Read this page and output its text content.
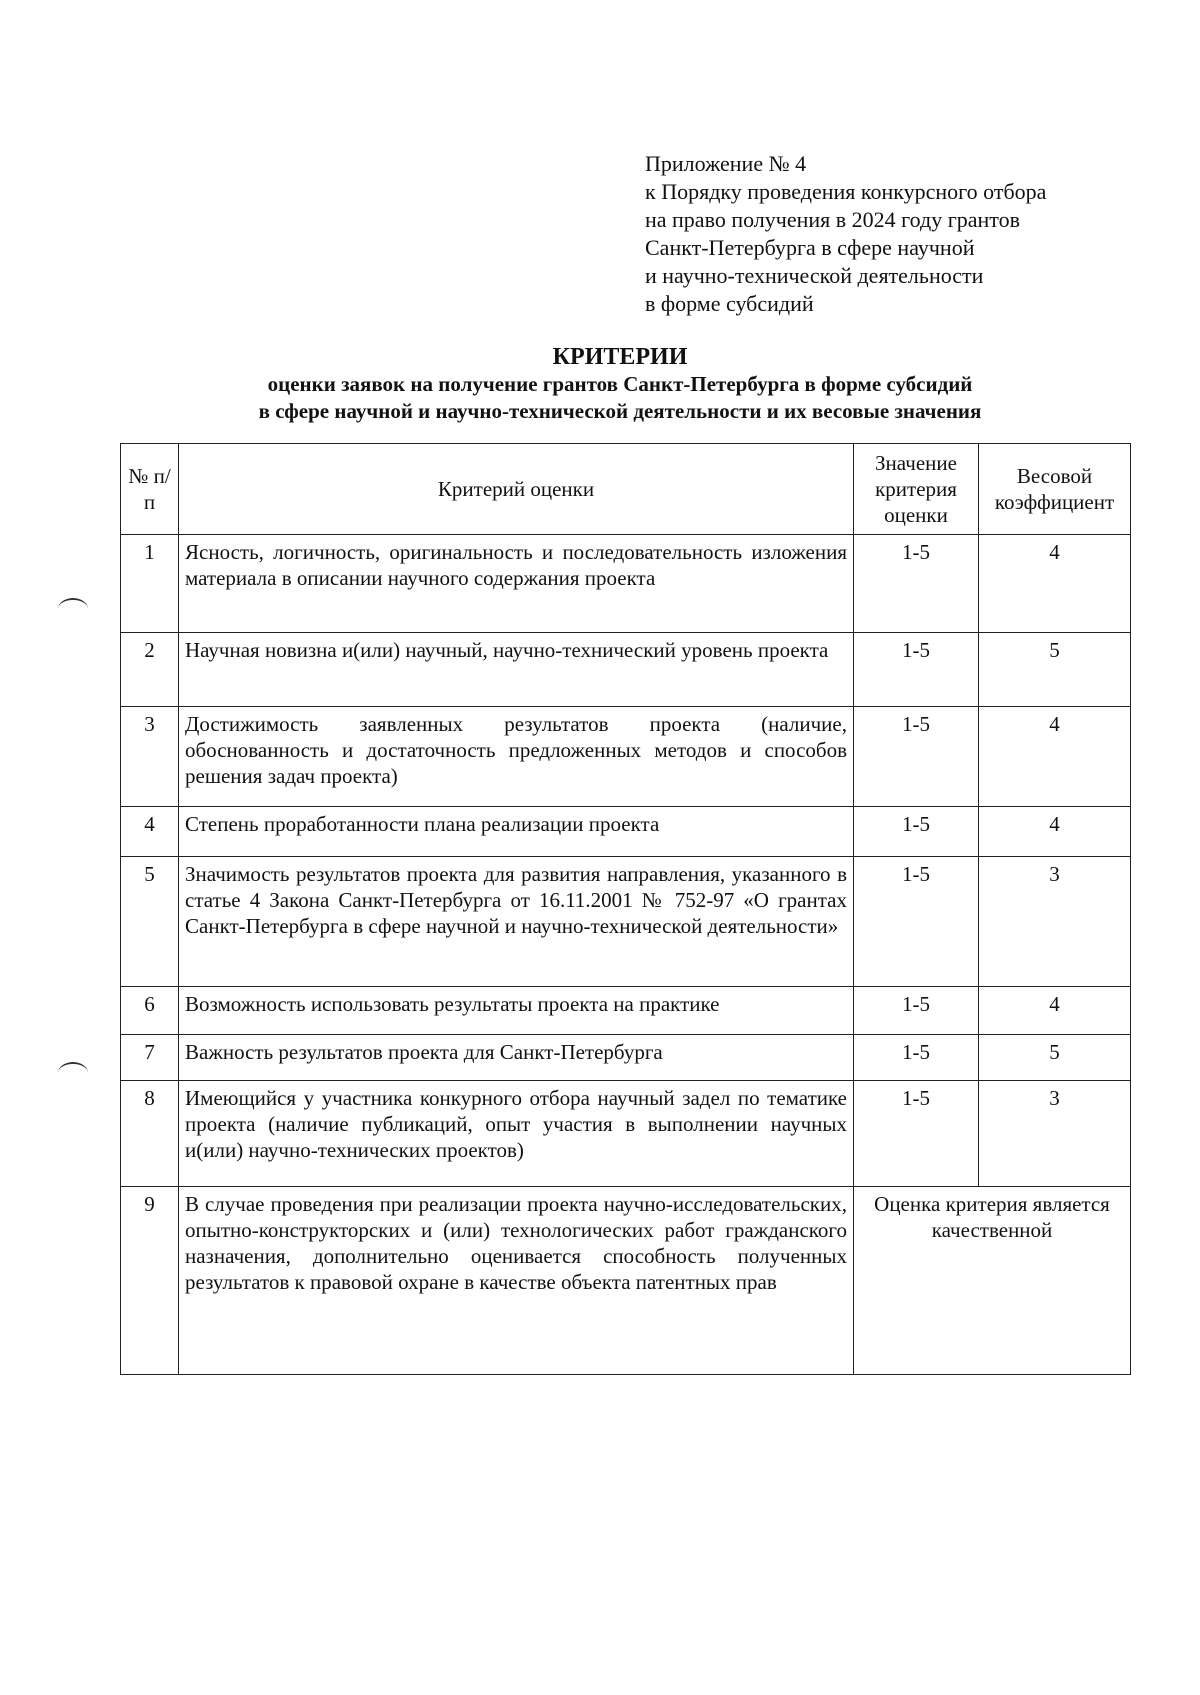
Приложение № 4
к Порядку проведения конкурсного отбора
на право получения в 2024 году грантов
Санкт-Петербурга в сфере научной
и научно-технической деятельности
в форме субсидий
КРИТЕРИИ
оценки заявок на получение грантов Санкт-Петербурга в форме субсидий
в сфере научной и научно-технической деятельности и их весовые значения
№ п/п	Критерий оценки	Значение критерия оценки	Весовой коэффициент
1	Ясность, логичность, оригинальность и последовательность изложения материала в описании научного содержания проекта	1-5	4
2	Научная новизна и(или) научный, научно-технический уровень проекта	1-5	5
3	Достижимость заявленных результатов проекта (наличие, обоснованность и достаточность предложенных методов и способов решения задач проекта)	1-5	4
4	Степень проработанности плана реализации проекта	1-5	4
5	Значимость результатов проекта для развития направления, указанного в статье 4 Закона Санкт-Петербурга от 16.11.2001 № 752-97 «О грантах Санкт-Петербурга в сфере научной и научно-технической деятельности»	1-5	3
6	Возможность использовать результаты проекта на практике	1-5	4
7	Важность результатов проекта для Санкт-Петербурга	1-5	5
8	Имеющийся у участника конкурного отбора научный задел по тематике проекта (наличие публикаций, опыт участия в выполнении научных и(или) научно-технических проектов)	1-5	3
9	В случае проведения при реализации проекта научно-исследовательских, опытно-конструкторских и (или) технологических работ гражданского назначения, дополнительно оценивается способность полученных результатов к правовой охране в качестве объекта патентных прав	Оценка критерия является качественной	
